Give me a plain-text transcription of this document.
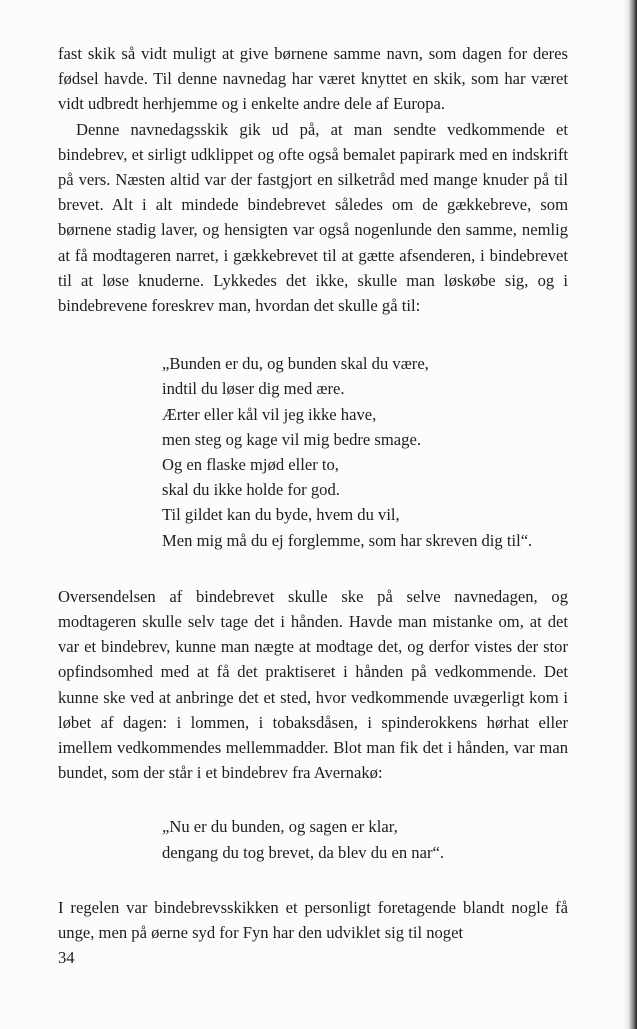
fast skik så vidt muligt at give børnene samme navn, som dagen for deres fødsel havde. Til denne navnedag har været knyttet en skik, som har været vidt udbredt herhjemme og i enkelte andre dele af Europa.

Denne navnedagsskik gik ud på, at man sendte vedkommende et bindebrev, et sirligt udklippet og ofte også bemalet papirark med en indskrift på vers. Næsten altid var der fastgjort en silketråd med mange knuder på til brevet. Alt i alt mindede bindebrevet således om de gækkebreve, som børnene stadig laver, og hensigten var også nogenlunde den samme, nemlig at få modtageren narret, i gækkebrevet til at gætte afsenderen, i bindebrevet til at løse knuderne. Lykkedes det ikke, skulle man løskøbe sig, og i bindebrevene foreskrev man, hvordan det skulle gå til:

„Bunden er du, og bunden skal du være,
indtil du løser dig med ære.
Ærter eller kål vil jeg ikke have,
men steg og kage vil mig bedre smage.
Og en flaske mjød eller to,
skal du ikke holde for god.
Til gildet kan du byde, hvem du vil,
Men mig må du ej forglemme, som har skreven dig til“.

Oversendelsen af bindebrevet skulle ske på selve navnedagen, og modtageren skulle selv tage det i hånden. Havde man mistanke om, at det var et bindebrev, kunne man nægte at modtage det, og derfor vistes der stor opfindsomhed med at få det praktiseret i hånden på vedkommende. Det kunne ske ved at anbringe det et sted, hvor vedkommende uvægerligt kom i løbet af dagen: i lommen, i tobaksdåsen, i spinderokkens hørhat eller imellem vedkommendes mellemmadder. Blot man fik det i hånden, var man bundet, som der står i et bindebrev fra Avernakø:

„Nu er du bunden, og sagen er klar,
dengang du tog brevet, da blev du en nar“.

I regelen var bindebrevsskikken et personligt foretagende blandt nogle få unge, men på øerne syd for Fyn har den udviklet sig til noget

34
